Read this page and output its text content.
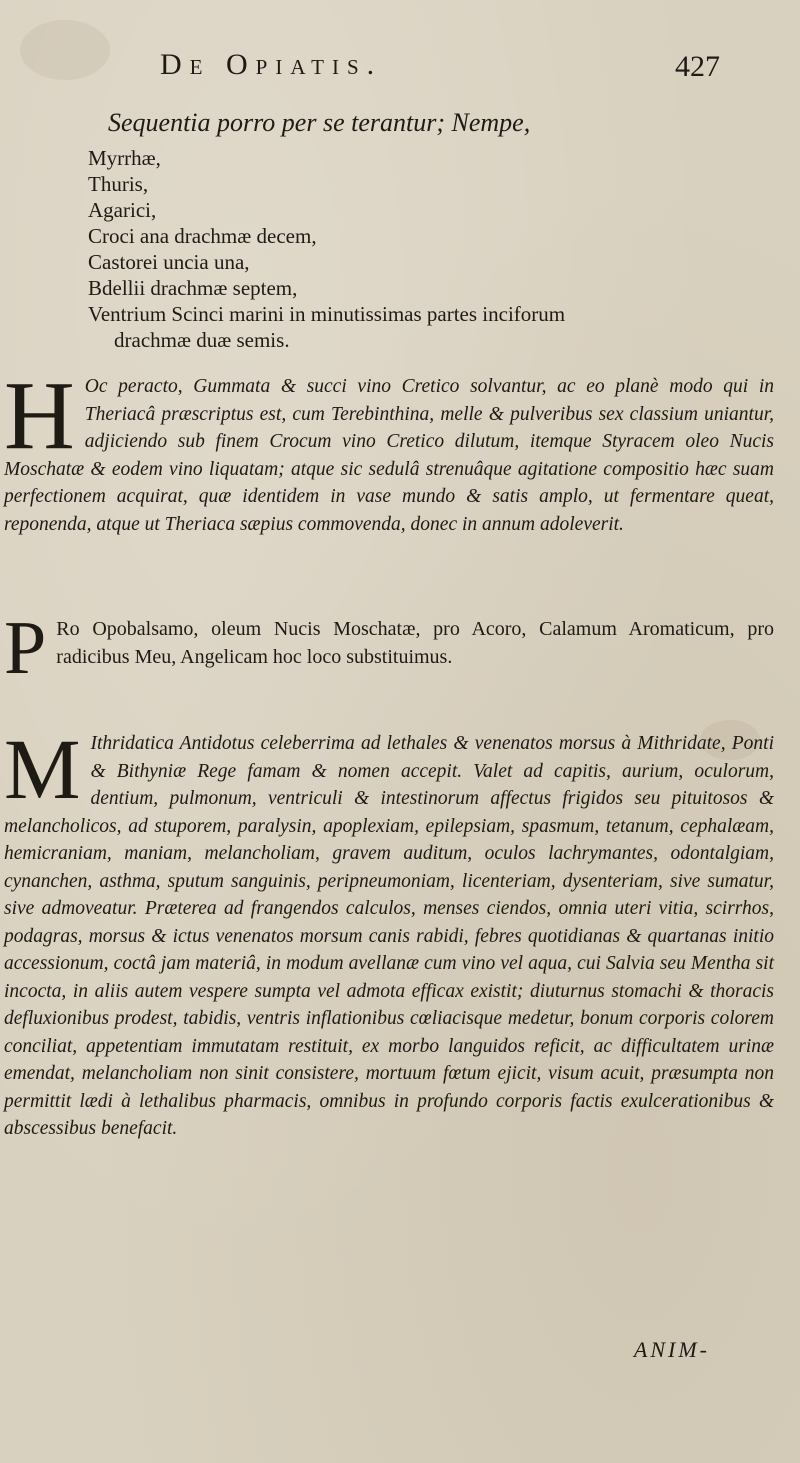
De Opiatis.	427
Sequentia porro per se terantur; Nempe,
Myrrhæ,
Thuris,
Agarici,
Croci ana drachmæ decem,
Castorei uncia una,
Bdellii drachmæ septem,
Ventrium Scinci marini in minutissimas partes inciforum
drachmæ duæ semis.
H Oc peracto, Gummata & succi vino Cretico solvantur, ac eo planè modo qui in Theriacâ præscriptus est, cum Terebinthina, melle & pulveribus sex classium uniantur, adjiciendo sub finem Crocum vino Cretico dilutum, itemque Styracem oleo Nucis Moschatæ & eodem vino liquatam; atque sic sedulâ strenuâque agitatione compositio hæc suam perfectionem acquirat, quæ identidem in vase mundo & satis amplo, ut fermentare queat, reponenda, atque ut Theriaca sæpius commovenda, donec in annum adoleverit.
P Ro Opobalsamo, oleum Nucis Moschatæ, pro Acoro, Calamum Aromaticum, pro radicibus Meu, Angelicam hoc loco substituimus.
M Ithridatica Antidotus celeberrima ad lethales & venenatos morsus à Mithridate, Ponti & Bithyniæ Rege famam & nomen accepit. Valet ad capitis, aurium, oculorum, dentium, pulmonum, ventriculi & intestinorum affectus frigidos seu pituitosos & melancholicos, ad stuporem, paralysin, apoplexiam, epilepsiam, spasmum, tetanum, cephalæam, hemicraniam, maniam, melancholiam, gravem auditum, oculos lachrymantes, odontalgiam, cynanchen, asthma, sputum sanguinis, peripneumoniam, licenteriam, dysenteriam, sive sumatur, sive admoveatur. Præterea ad frangendos calculos, menses ciendos, omnia uteri vitia, scirrhos, podagras, morsus & ictus venenatos morsum canis rabidi, febres quotidianas & quartanas initio accessionum, coctâ jam materiâ, in modum avellanæ cum vino vel aqua, cui Salvia seu Mentha sit incocta, in aliis autem vespere sumpta vel admota efficax existit; diuturnus stomachi & thoracis defluxionibus prodest, tabidis, ventris inflationibus cœliacisque medetur, bonum corporis colorem conciliat, appetentiam immutatam restituit, ex morbo languidos reficit, ac difficultatem urinæ emendat, melancholiam non sinit consistere, mortuum fœtum ejicit, visum acuit, præsumpta non permittit lædi à lethalibus pharmacis, omnibus in profundo corporis factis exulcerationibus & abscessibus benefacit.
ANIM-
